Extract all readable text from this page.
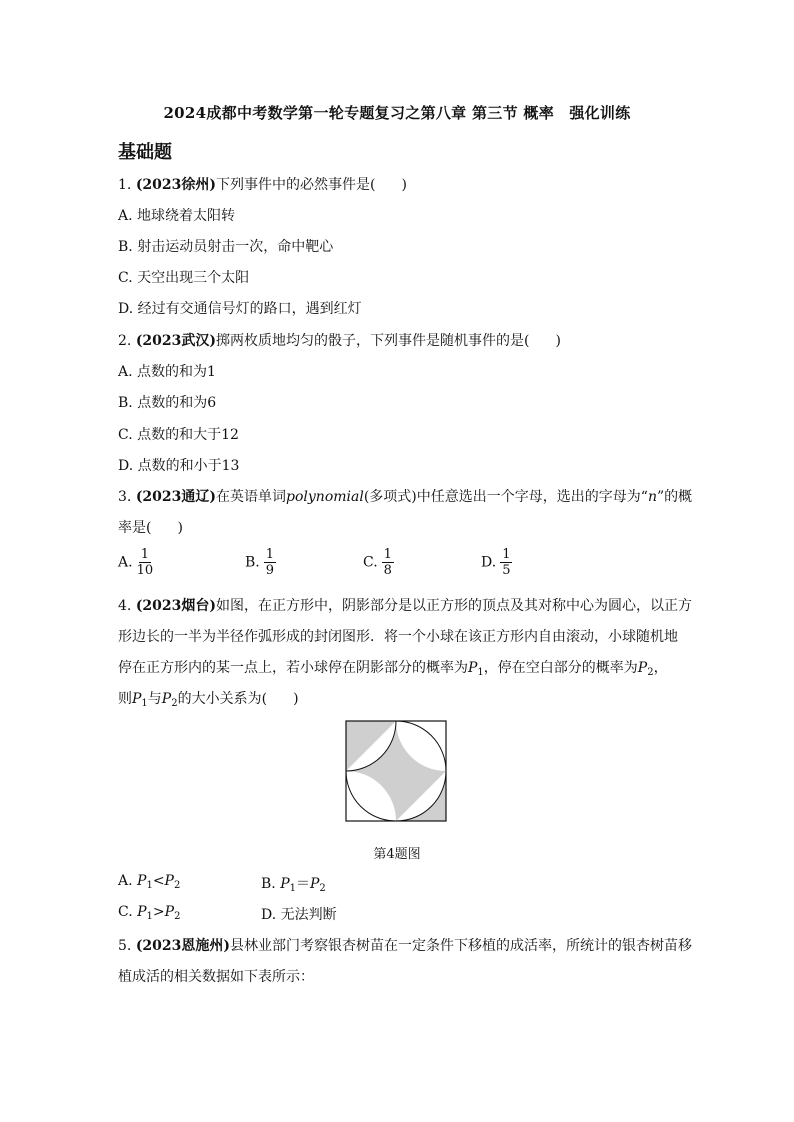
2024成都中考数学第一轮专题复习之第八章 第三节 概率　强化训练
基础题
1. (2023徐州)下列事件中的必然事件是( )
A. 地球绕着太阳转
B. 射击运动员射击一次，命中靶心
C. 天空出现三个太阳
D. 经过有交通信号灯的路口，遇到红灯
2. (2023武汉)掷两枚质地均匀的骰子，下列事件是随机事件的是( )
A. 点数的和为1
B. 点数的和为6
C. 点数的和大于12
D. 点数的和小于13
3. (2023通辽)在英语单词polynomial(多项式)中任意选出一个字母，选出的字母为“n”的概
率是( )
A. $\frac{1}{10}$	B. $\frac{1}{9}$	C. $\frac{1}{8}$	D. $\frac{1}{5}$
4. (2023烟台)如图，在正方形中，阴影部分是以正方形的顶点及其对称中心为圆心，以正方
形边长的一半为半径作弧形成的封闭图形．将一个小球在该正方形内自由滚动，小球随机地
停在正方形内的某一点上，若小球停在阴影部分的概率为$P_1$，停在空白部分的概率为$P_2$，
则$P_1$与$P_2$的大小关系为( )
第4题图
A. $P_1<P_2$	B. $P_1=P_2$
C. $P_1>P_2$	D. 无法判断
5. (2023恩施州)县林业部门考察银杏树苗在一定条件下移植的成活率，所统计的银杏树苗移
植成活的相关数据如下表所示：
